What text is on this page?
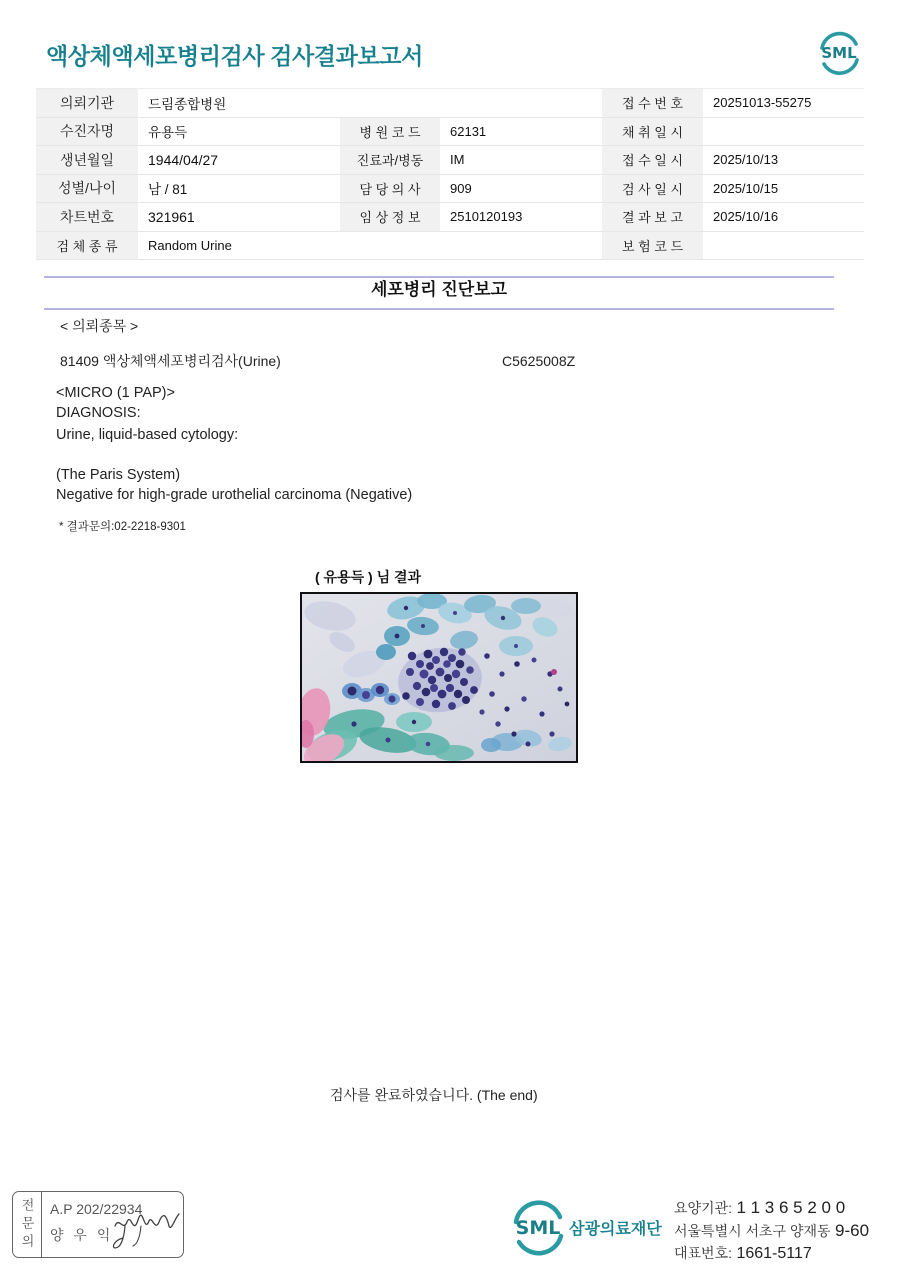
액상체액세포병리검사 검사결과보고서	SML
의뢰기관	드림종합병원			접 수 번 호	20251013-55275
수진자명	유용득	병 원 코 드	62131	채 취 일 시	
생년월일	1944/04/27	진료과/병동	IM	접 수 일 시	2025/10/13
성별/나이	남 / 81	담 당 의 사	909	검 사 일 시	2025/10/15
차트번호	321961	임 상 정 보	2510120193	결 과 보 고	2025/10/16
검 체 종 류	Random Urine			보 험 코 드	
세포병리 진단보고
< 의뢰종목 >
81409 액상체액세포병리검사(Urine)	C5625008Z
<MICRO (1 PAP)>
DIAGNOSIS:
Urine, liquid-based cytology:
(The Paris System)
Negative for high-grade urothelial carcinoma (Negative)
* 결과문의:02-2218-9301
( 유용득 ) 님 결과
검사를 완료하였습니다. (The end)
전문의 A.P 202/22934
양 우 익	SML 삼광의료재단
요양기관: 1 1 3 6 5 2 0 0
서울특별시 서초구 양재동 9-60
대표번호: 1661-5117
